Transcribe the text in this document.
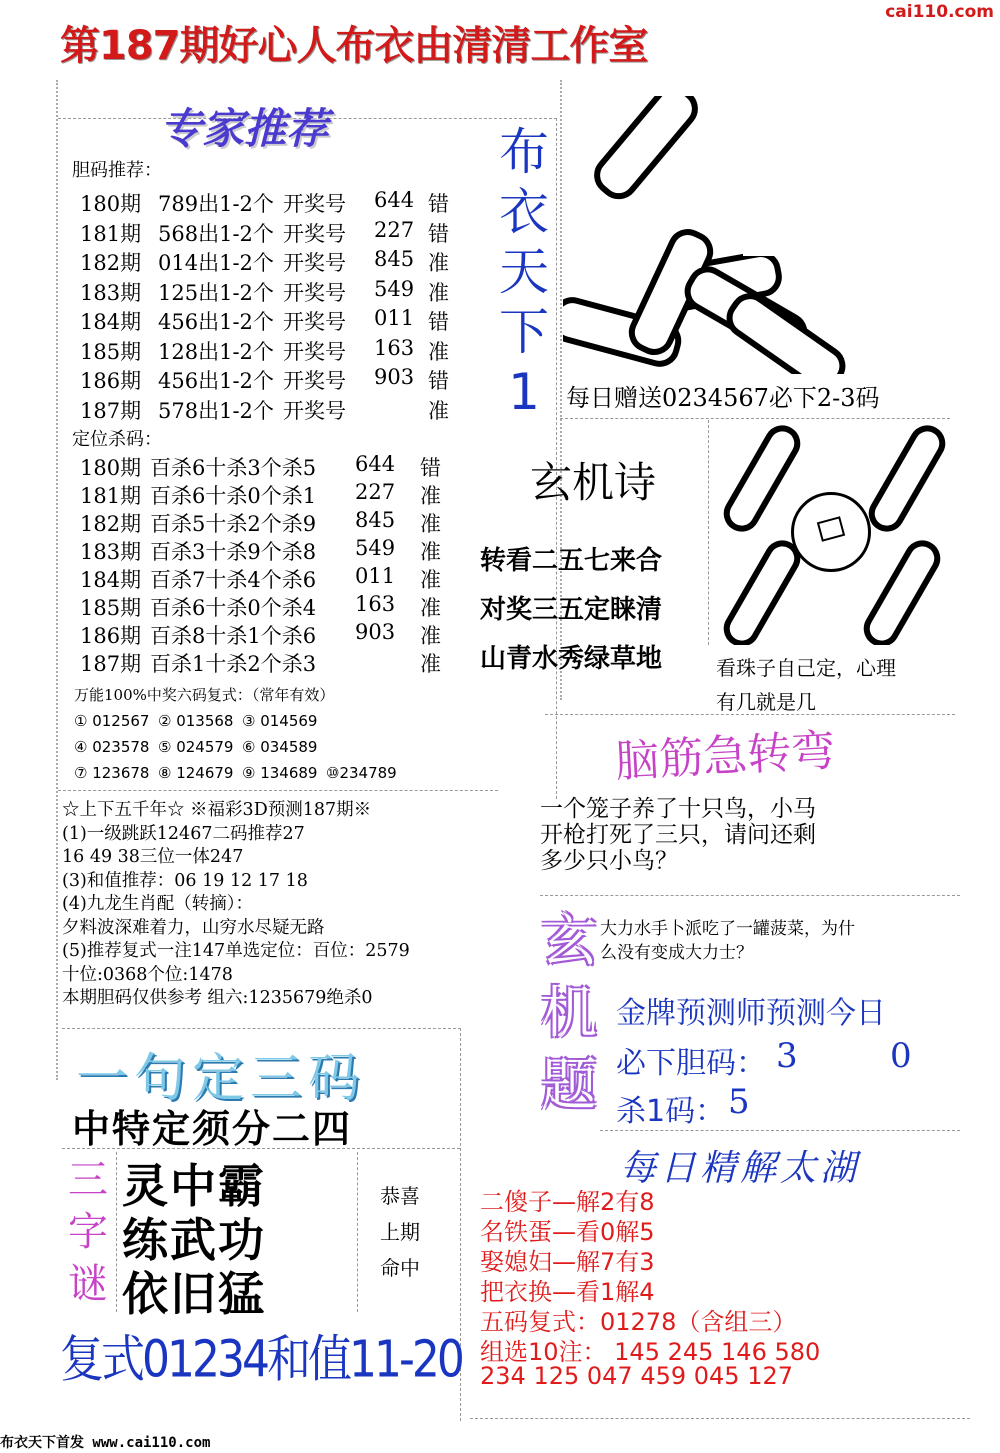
第187期好心人布衣由清清工作室
cai110.com
专家推荐
胆码推荐：
180期 789出1-2个 开奖号 644 错
181期 568出1-2个 开奖号 227 错
182期 014出1-2个 开奖号 845 准
183期 125出1-2个 开奖号 549 准
184期 456出1-2个 开奖号 011 错
185期 128出1-2个 开奖号 163 准
186期 456出1-2个 开奖号 903 错
187期 578出1-2个 开奖号	准
定位杀码：
180期 百杀6十杀3个杀5 644 错
181期 百杀6十杀0个杀1 227 准
182期 百杀5十杀2个杀9 845 准
183期 百杀3十杀9个杀8 549 准
184期 百杀7十杀4个杀6 011 准
185期 百杀6十杀0个杀4 163 准
186期 百杀8十杀1个杀6 903 准
187期 百杀1十杀2个杀3	准
万能100%中奖六码复式：（常年有效）
① 012567 ② 013568 ③ 014569
④ 023578 ⑤ 024579 ⑥ 034589
⑦ 123678 ⑧ 124679 ⑨ 134689 ⑩234789
☆上下五千年☆ ※福彩3D预测187期※
(1)一级跳跃12467二码推荐27
16 49 38三位一体247
(3)和值推荐：06 19 12 17 18
(4)九龙生肖配（转摘）：
夕料波深难着力，山穷水尽疑无路
(5)推荐复式一注147单选定位：百位：2579
十位:0368个位:1478
本期胆码仅供参考 组六:1235679绝杀0
布
衣
天
下
1	每日赠送0234567必下2-3码
玄机诗
转看二五七来合
对奖三五定睐清
山青水秀绿草地	看珠子自己定，心理
有几就是几
脑筋急转弯
一个笼子养了十只鸟，小马
开枪打死了三只，请问还剩
多少只小鸟？
玄
机
题
大力水手卜派吃了一罐菠菜，为什
么没有变成大力士？
金牌预测师预测今日
必下胆码： 3	0
杀1码： 5
每日精解太湖
二傻子—解2有8
名铁蛋—看0解5
娶媳妇—解7有3
把衣换—看1解4
五码复式：01278（含组三）
组选10注： 145 245 146 580
234 125 047 459 045 127
一句定三码
中特定须分二四
三
字
谜
灵中霸
练武功
依旧猛
恭喜
上期
命中
复式01234和值11-20
布衣天下首发 www.cai110.com
